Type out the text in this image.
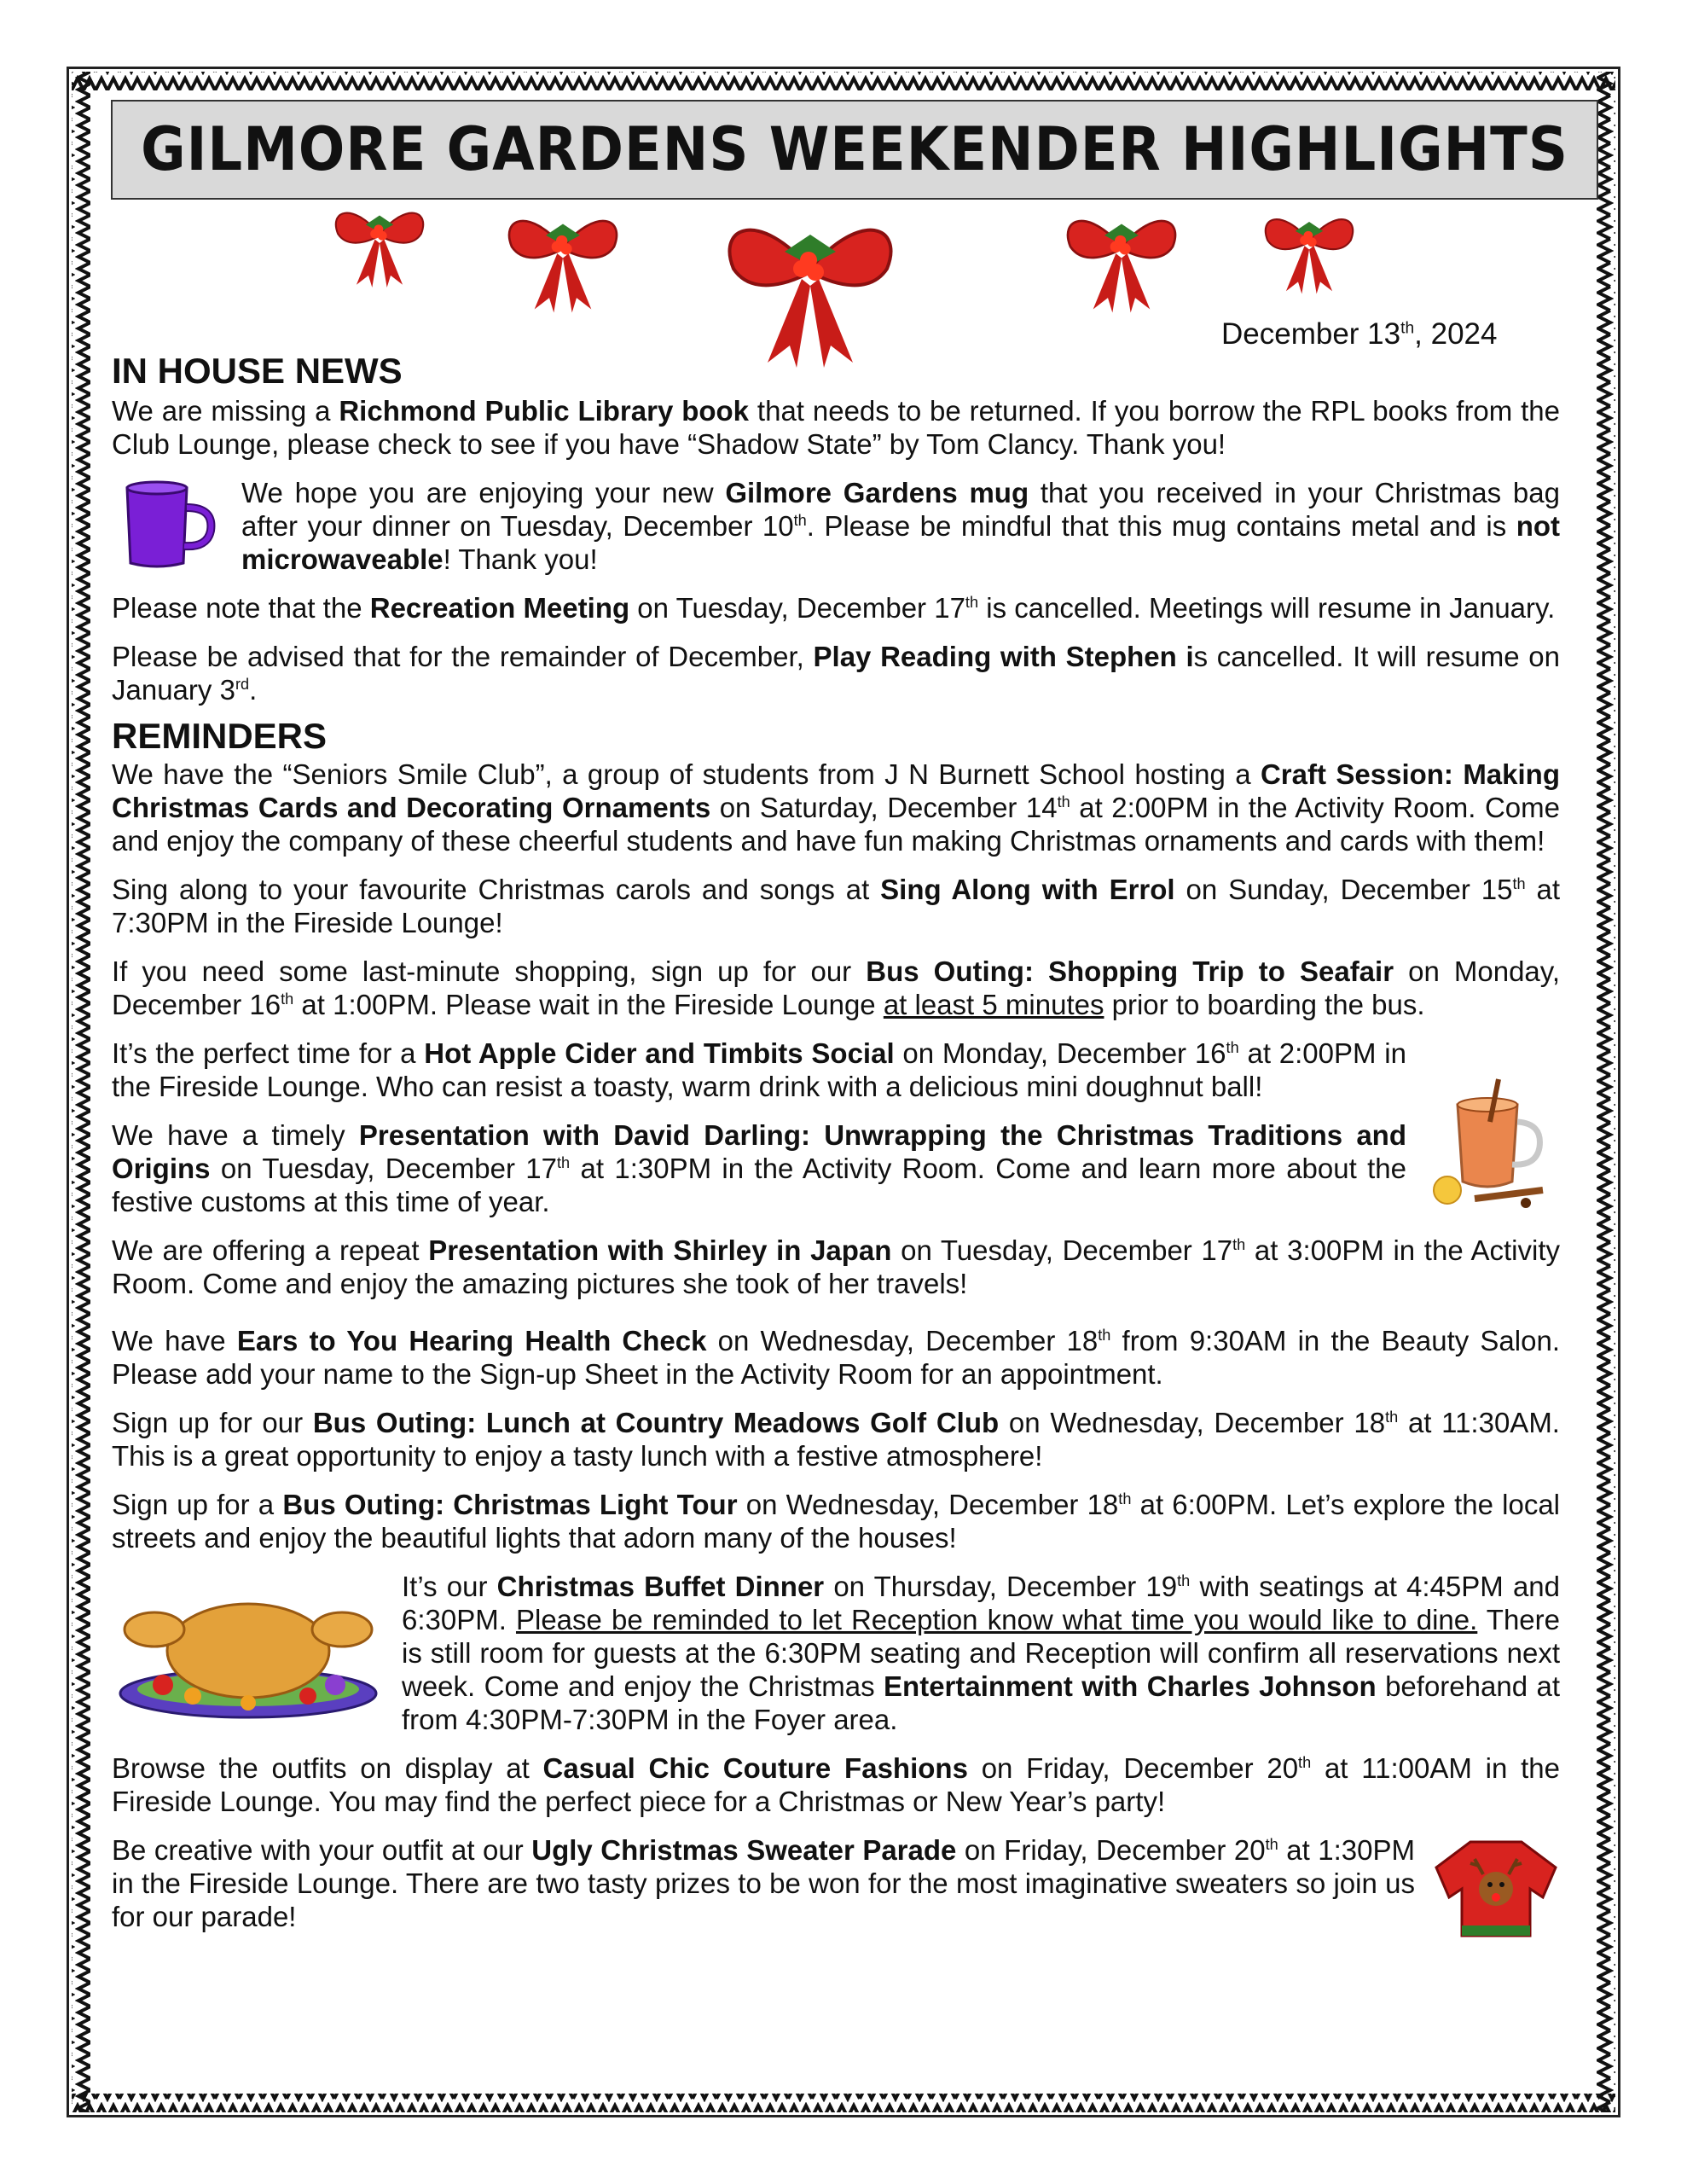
GILMORE GARDENS WEEKENDER HIGHLIGHTS
December 13th, 2024
IN HOUSE NEWS

We are missing a Richmond Public Library book that needs to be returned. If you borrow the RPL books from the Club Lounge, please check to see if you have “Shadow State” by Tom Clancy. Thank you!

We hope you are enjoying your new Gilmore Gardens mug that you received in your Christmas bag after your dinner on Tuesday, December 10th. Please be mindful that this mug contains metal and is not microwaveable! Thank you!

Please note that the Recreation Meeting on Tuesday, December 17th is cancelled. Meetings will resume in January.

Please be advised that for the remainder of December, Play Reading with Stephen is cancelled. It will resume on January 3rd.

REMINDERS

We have the “Seniors Smile Club”, a group of students from J N Burnett School hosting a Craft Session: Making Christmas Cards and Decorating Ornaments on Saturday, December 14th at 2:00PM in the Activity Room. Come and enjoy the company of these cheerful students and have fun making Christmas ornaments and cards with them!

Sing along to your favourite Christmas carols and songs at Sing Along with Errol on Sunday, December 15th at 7:30PM in the Fireside Lounge!

If you need some last-minute shopping, sign up for our Bus Outing: Shopping Trip to Seafair on Monday, December 16th at 1:00PM. Please wait in the Fireside Lounge at least 5 minutes prior to boarding the bus.

It’s the perfect time for a Hot Apple Cider and Timbits Social on Monday, December 16th at 2:00PM in the Fireside Lounge. Who can resist a toasty, warm drink with a delicious mini doughnut ball!

We have a timely Presentation with David Darling: Unwrapping the Christmas Traditions and Origins on Tuesday, December 17th at 1:30PM in the Activity Room. Come and learn more about the festive customs at this time of year.

We are offering a repeat Presentation with Shirley in Japan on Tuesday, December 17th at 3:00PM in the Activity Room. Come and enjoy the amazing pictures she took of her travels!

We have Ears to You Hearing Health Check on Wednesday, December 18th from 9:30AM in the Beauty Salon. Please add your name to the Sign-up Sheet in the Activity Room for an appointment.

Sign up for our Bus Outing: Lunch at Country Meadows Golf Club on Wednesday, December 18th at 11:30AM. This is a great opportunity to enjoy a tasty lunch with a festive atmosphere!

Sign up for a Bus Outing: Christmas Light Tour on Wednesday, December 18th at 6:00PM. Let’s explore the local streets and enjoy the beautiful lights that adorn many of the houses!

It’s our Christmas Buffet Dinner on Thursday, December 19th with seatings at 4:45PM and 6:30PM. Please be reminded to let Reception know what time you would like to dine. There is still room for guests at the 6:30PM seating and Reception will confirm all reservations next week. Come and enjoy the Christmas Entertainment with Charles Johnson beforehand at from 4:30PM-7:30PM in the Foyer area.

Browse the outfits on display at Casual Chic Couture Fashions on Friday, December 20th at 11:00AM in the Fireside Lounge. You may find the perfect piece for a Christmas or New Year’s party!

Be creative with your outfit at our Ugly Christmas Sweater Parade on Friday, December 20th at 1:30PM in the Fireside Lounge. There are two tasty prizes to be won for the most imaginative sweaters so join us for our parade!
